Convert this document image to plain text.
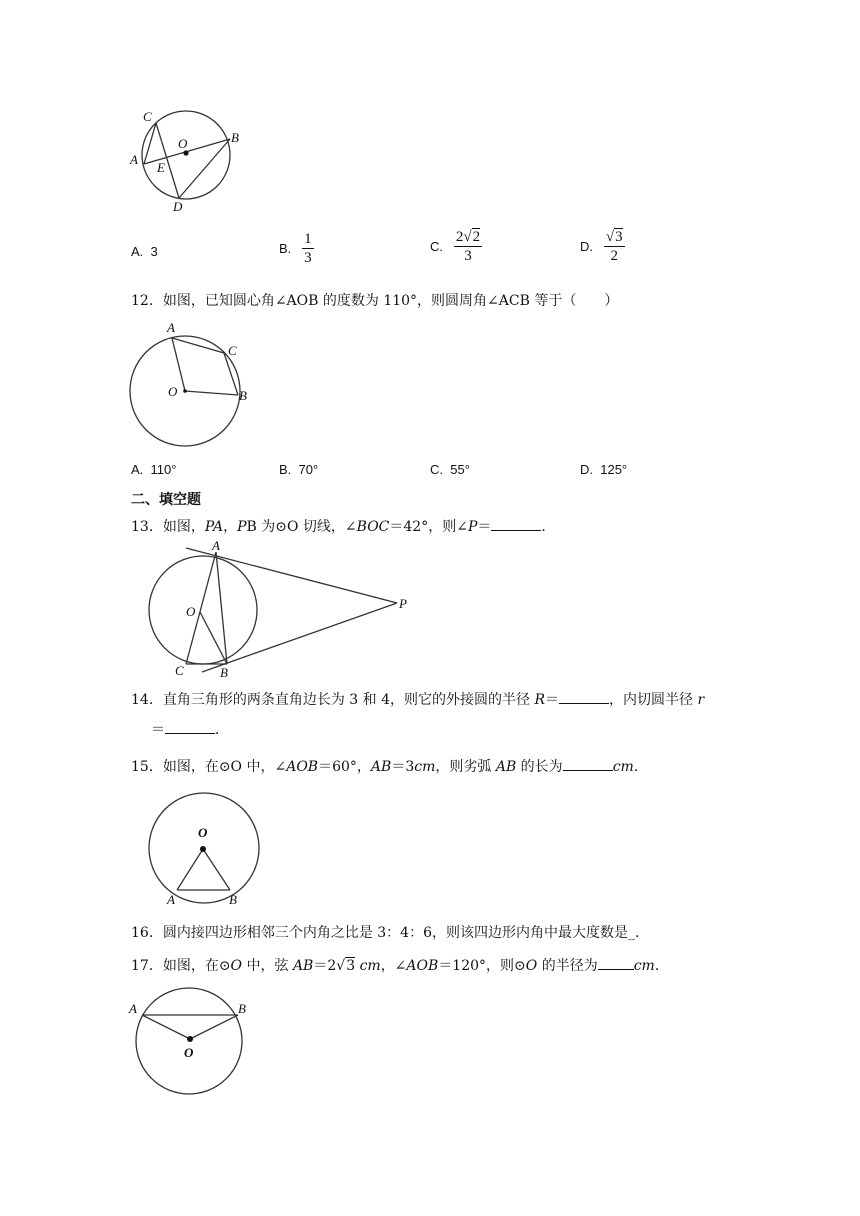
C
O	B
A
E
D
A. 3	B. $\frac{1}{3}$	C. $\frac{2√2}{3}$	D. $\frac{√3}{2}$
12．如图，已知圆心角∠AOB 的度数为 110°，则圆周角∠ACB 等于（　　）
A
C
O	B
A. 110°	B. 70°	C. 55°	D. 125°
二、填空题
13．如图，PA，PB 为⊙O 切线，∠BOC＝42°，则∠P＝	．
A
O
P
C	B
14．直角三角形的两条直角边长为 3 和 4，则它的外接圆的半径 R＝	，内切圆半径 r
＝	．
15．如图，在⊙O 中，∠AOB＝60°，AB＝3cm，则劣弧 AB 的长为	cm．
O
A	B
16．圆内接四边形相邻三个内角之比是 3：4：6，则该四边形内角中最大度数是_．
17．如图，在⊙O 中，弦 AB＝2√3 cm，∠AOB＝120°，则⊙O 的半径为	cm．
A	B
O
